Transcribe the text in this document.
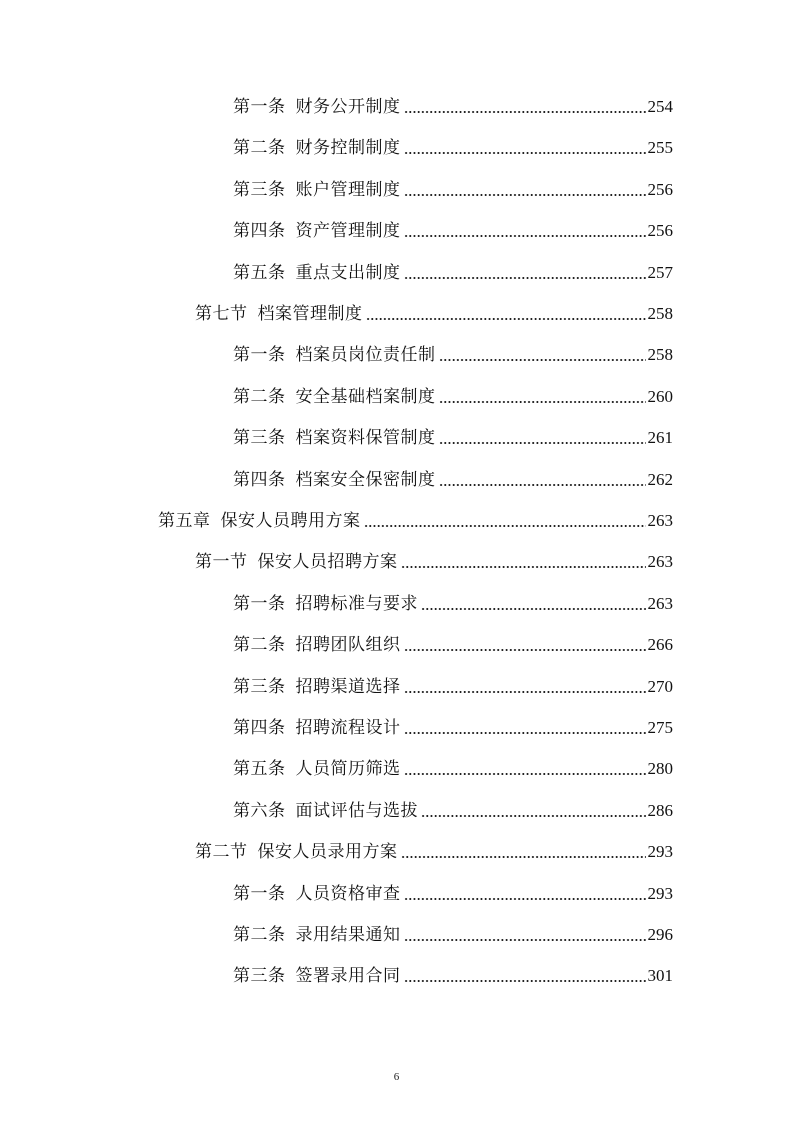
第一条 财务公开制度	254
第二条 财务控制制度	255
第三条 账户管理制度	256
第四条 资产管理制度	256
第五条 重点支出制度	257
第七节 档案管理制度	258
第一条 档案员岗位责任制	258
第二条 安全基础档案制度	260
第三条 档案资料保管制度	261
第四条 档案安全保密制度	262
第五章 保安人员聘用方案	263
第一节 保安人员招聘方案	263
第一条 招聘标准与要求	263
第二条 招聘团队组织	266
第三条 招聘渠道选择	270
第四条 招聘流程设计	275
第五条 人员简历筛选	280
第六条 面试评估与选拔	286
第二节 保安人员录用方案	293
第一条 人员资格审查	293
第二条 录用结果通知	296
第三条 签署录用合同	301
6
